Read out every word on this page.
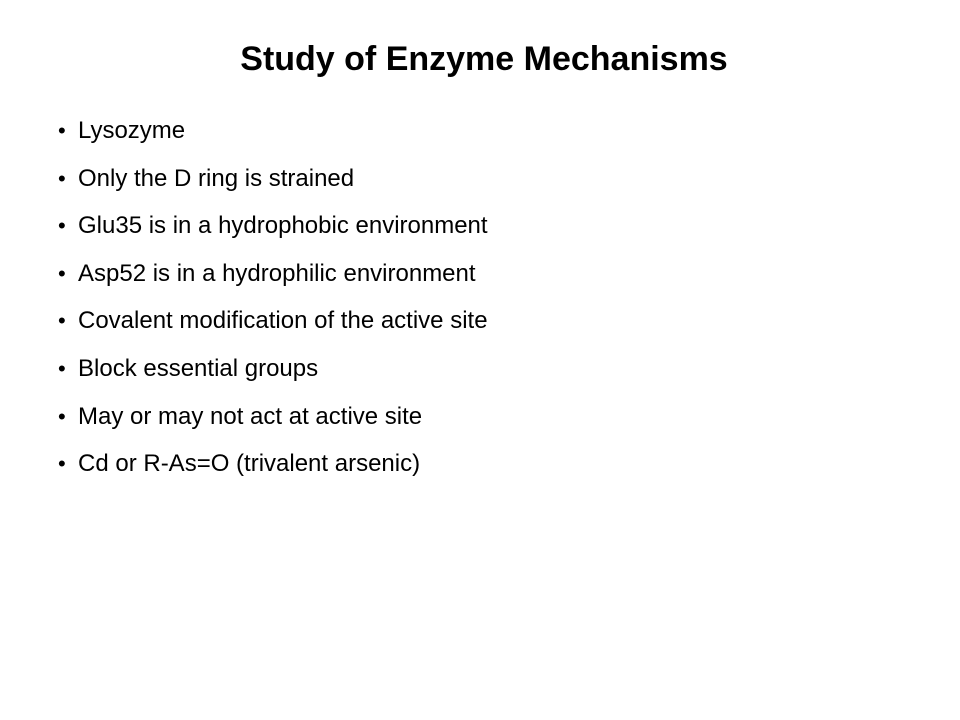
Study of Enzyme Mechanisms
• Lysozyme
• Only the D ring is strained
• Glu35 is in a hydrophobic environment
• Asp52 is in a hydrophilic environment
• Covalent modification of the active site
• Block essential groups
• May or may not act at active site
• Cd or R-As=O (trivalent arsenic)
